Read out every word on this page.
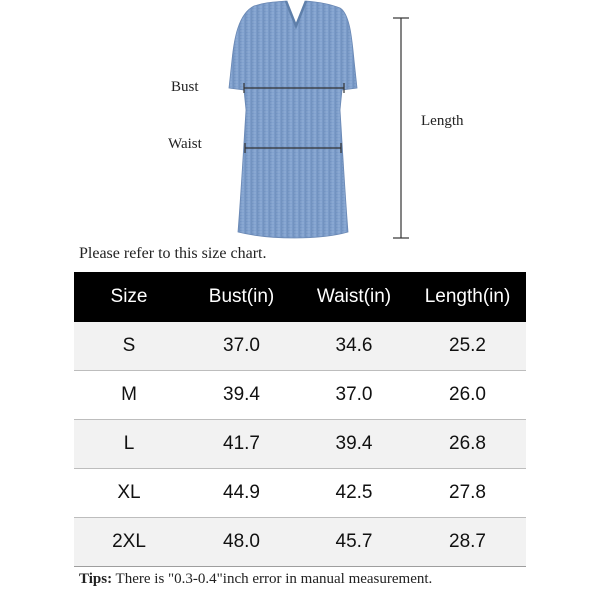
Bust
Waist
Length
Please refer to this size chart.
Size	Bust(in)	Waist(in)	Length(in)
S	37.0	34.6	25.2
M	39.4	37.0	26.0
L	41.7	39.4	26.8
XL	44.9	42.5	27.8
2XL	48.0	45.7	28.7
Tips: There is "0.3-0.4"inch error in manual measurement.
